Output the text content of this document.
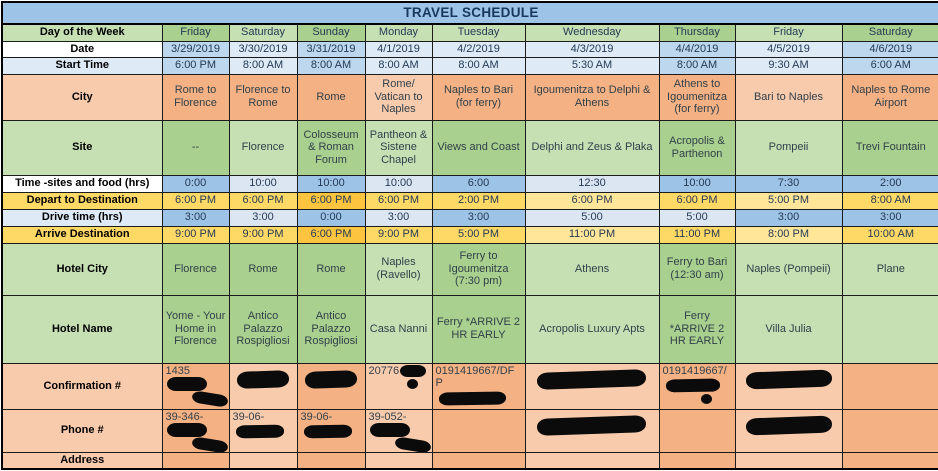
TRAVEL SCHEDULE									
Day of the Week	Friday	Saturday	Sunday	Monday	Tuesday	Wednesday	Thursday	Friday	Saturday
Date	3/29/2019	3/30/2019	3/31/2019	4/1/2019	4/2/2019	4/3/2019	4/4/2019	4/5/2019	4/6/2019
Start Time	6:00 PM	8:00 AM	8:00 AM	8:00 AM	8:00 AM	5:30 AM	8:00 AM	9:30 AM	6:00 AM
City	Rome to Florence	Florence to Rome	Rome	Rome/ Vatican to Naples	Naples to Bari (for ferry)	Igoumenitza to Delphi & Athens	Athens to Igoumenitza (for ferry)	Bari to Naples	Naples to Rome Airport
Site	--	Florence	Colosseum & Roman Forum	Pantheon & Sistene Chapel	Views and Coast	Delphi and Zeus & Plaka	Acropolis & Parthenon	Pompeii	Trevi Fountain
Time -sites and food (hrs)	0:00	10:00	10:00	10:00	6:00	12:30	10:00	7:30	2:00
Depart to Destination	6:00 PM	6:00 PM	6:00 PM	6:00 PM	2:00 PM	6:00 PM	6:00 PM	5:00 PM	8:00 AM
Drive time (hrs)	3:00	3:00	0:00	3:00	3:00	5:00	5:00	3:00	3:00
Arrive Destination	9:00 PM	9:00 PM	6:00 PM	9:00 PM	5:00 PM	11:00 PM	11:00 PM	8:00 PM	10:00 AM
Hotel City	Florence	Rome	Rome	Naples (Ravello)	Ferry to Igoumenitza (7:30 pm)	Athens	Ferry to Bari (12:30 am)	Naples (Pompeii)	Plane
Hotel Name	Yome - Your Home in Florence	Antico Palazzo Rospigliosi	Antico Palazzo Rospigliosi	Casa Nanni	Ferry *ARRIVE 2 HR EARLY	Acropolis Luxury Apts	Ferry *ARRIVE 2 HR EARLY	Villa Julia	
Confirmation #	1435			20776	0191419667/DFP		0191419667/

Phone #	39-346-	39-06-	39-06-	39-052-

Address									
